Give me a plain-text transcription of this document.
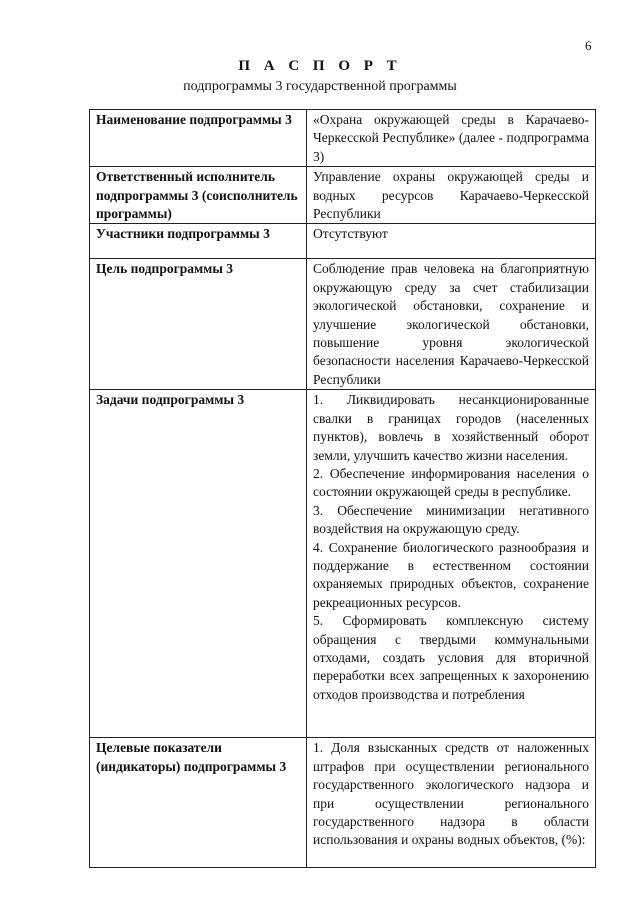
6
П А С П О Р Т
подпрограммы 3 государственной программы
Наименование подпрограммы 3	«Охрана окружающей среды в Карачаево-Черкесской Республике» (далее - подпрограмма 3)
Ответственный исполнитель подпрограммы 3 (соисполнитель программы)	Управление охраны окружающей среды и водных ресурсов Карачаево-Черкесской Республики
Участники подпрограммы 3	Отсутствуют
Цель подпрограммы 3	Соблюдение прав человека на благоприятную окружающую среду за счет стабилизации экологической обстановки, сохранение и улучшение экологической обстановки, повышение уровня экологической безопасности населения Карачаево-Черкесской Республики
Задачи подпрограммы 3	1. Ликвидировать несанкционированные свалки в границах городов (населенных пунктов), вовлечь в хозяйственный оборот земли, улучшить качество жизни населения.
2. Обеспечение информирования населения о состоянии окружающей среды в республике.
3. Обеспечение минимизации негативного воздействия на окружающую среду.
4. Сохранение биологического разнообразия и поддержание в естественном состоянии охраняемых природных объектов, сохранение рекреационных ресурсов.
5. Сформировать комплексную систему обращения с твердыми коммунальными отходами, создать условия для вторичной переработки всех запрещенных к захоронению отходов производства и потребления

Целевые показатели (индикаторы) подпрограммы 3	1. Доля взысканных средств от наложенных штрафов при осуществлении регионального государственного экологического надзора и при осуществлении регионального государственного надзора в области использования и охраны водных объектов, (%):
